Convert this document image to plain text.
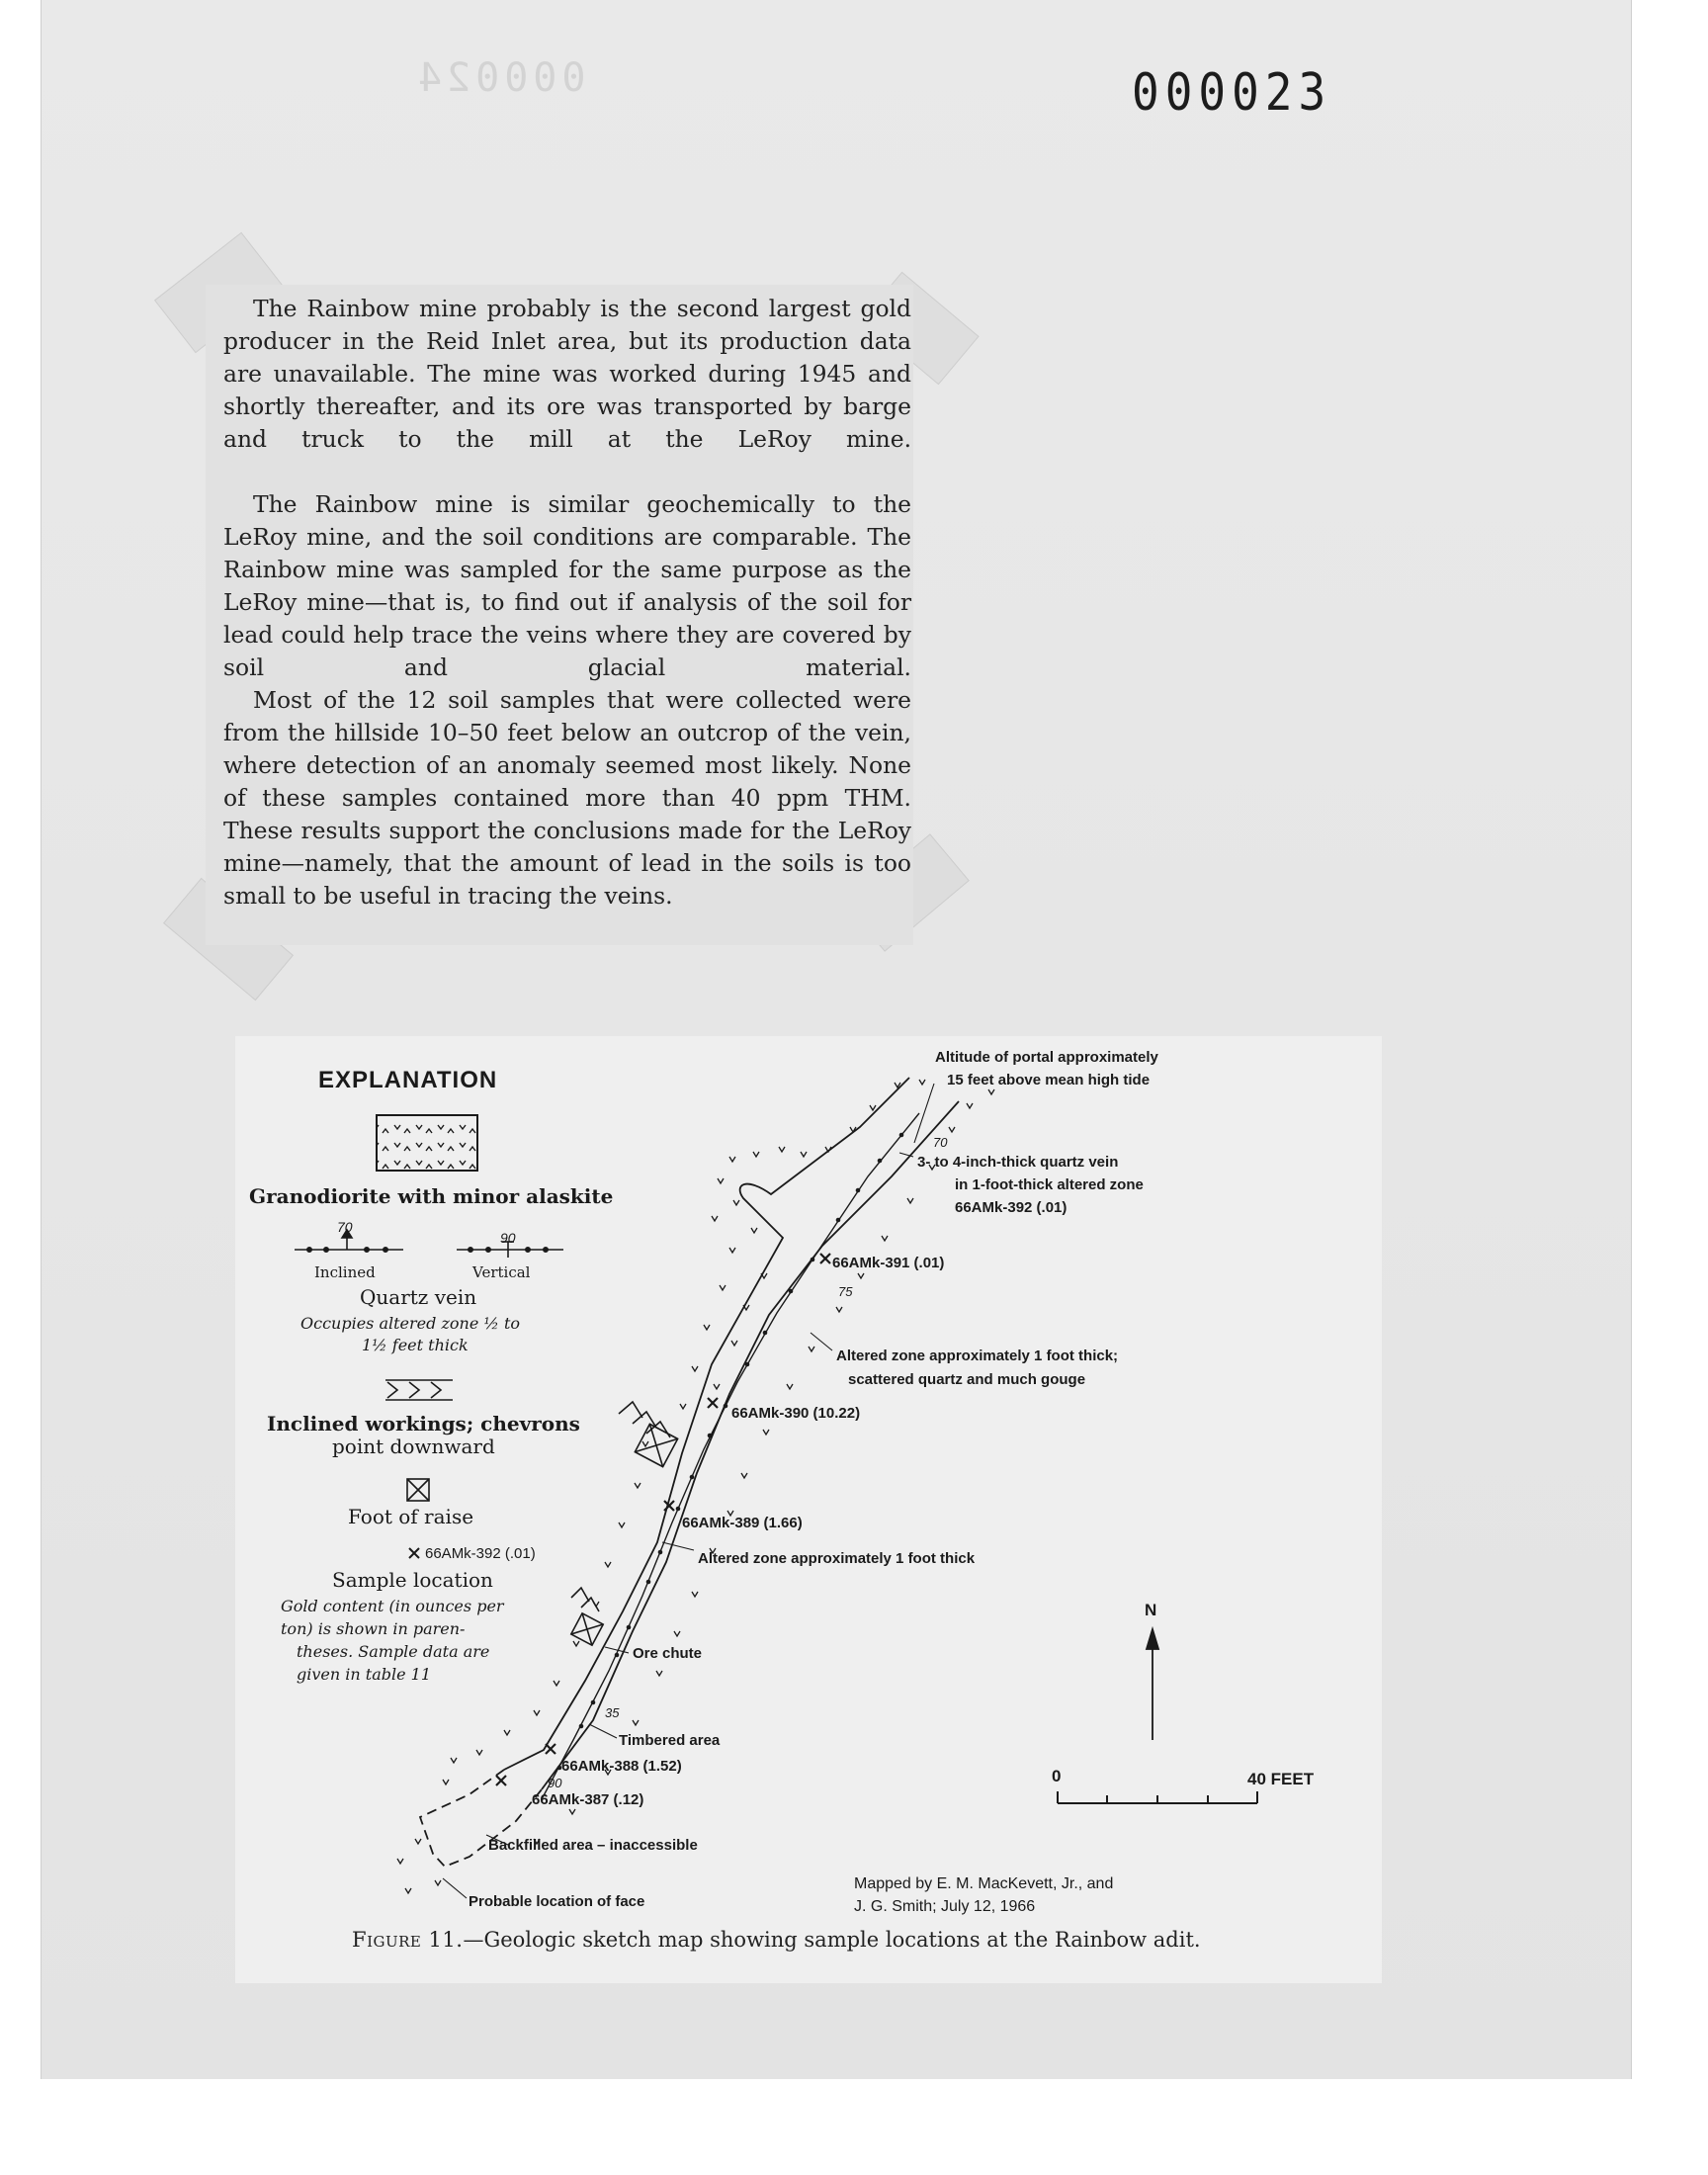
000024	000023

The Rainbow mine probably is the second largest gold producer in the Reid Inlet area, but its production data are unavailable. The mine was worked during 1945 and shortly thereafter, and its ore was transported by barge and truck to the mill at the LeRoy mine.

The Rainbow mine is similar geochemically to the LeRoy mine, and the soil conditions are comparable. The Rainbow mine was sampled for the same purpose as the LeRoy mine—that is, to find out if analysis of the soil for lead could help trace the veins where they are covered by soil and glacial material.

Most of the 12 soil samples that were collected were from the hillside 10–50 feet below an outcrop of the vein, where detection of an anomaly seemed most likely. None of these samples contained more than 40 ppm THM. These results support the conclusions made for the LeRoy mine—namely, that the amount of lead in the soils is too small to be useful in tracing the veins.

EXPLANATION
Granodiorite with minor alaskite
70
Inclined
90
Vertical
Quartz vein
Occupies altered zone ½ to
1½ feet thick
Inclined workings; chevrons
point downward
Foot of raise
66AMk-392 (.01)
Sample location
Gold content (in ounces per
ton) is shown in paren-
theses. Sample data are
given in table 11
Altitude of portal approximately
15 feet above mean high tide
70
3- to 4-inch-thick quartz vein
in 1-foot-thick altered zone
66AMk-392 (.01)
66AMk-391 (.01)
75
Altered zone approximately 1 foot thick;
scattered quartz and much gouge
66AMk-390 (10.22)
66AMk-389 (1.66)
Altered zone approximately 1 foot thick
Ore chute
35
Timbered area
66AMk-388 (1.52)
90
66AMk-387 (.12)
Backfilled area – inaccessible
Probable location of face
N
0	40 FEET
Mapped by E. M. MacKevett, Jr., and
J. G. Smith; July 12, 1966
Figure 11.—Geologic sketch map showing sample locations at the Rainbow adit.
